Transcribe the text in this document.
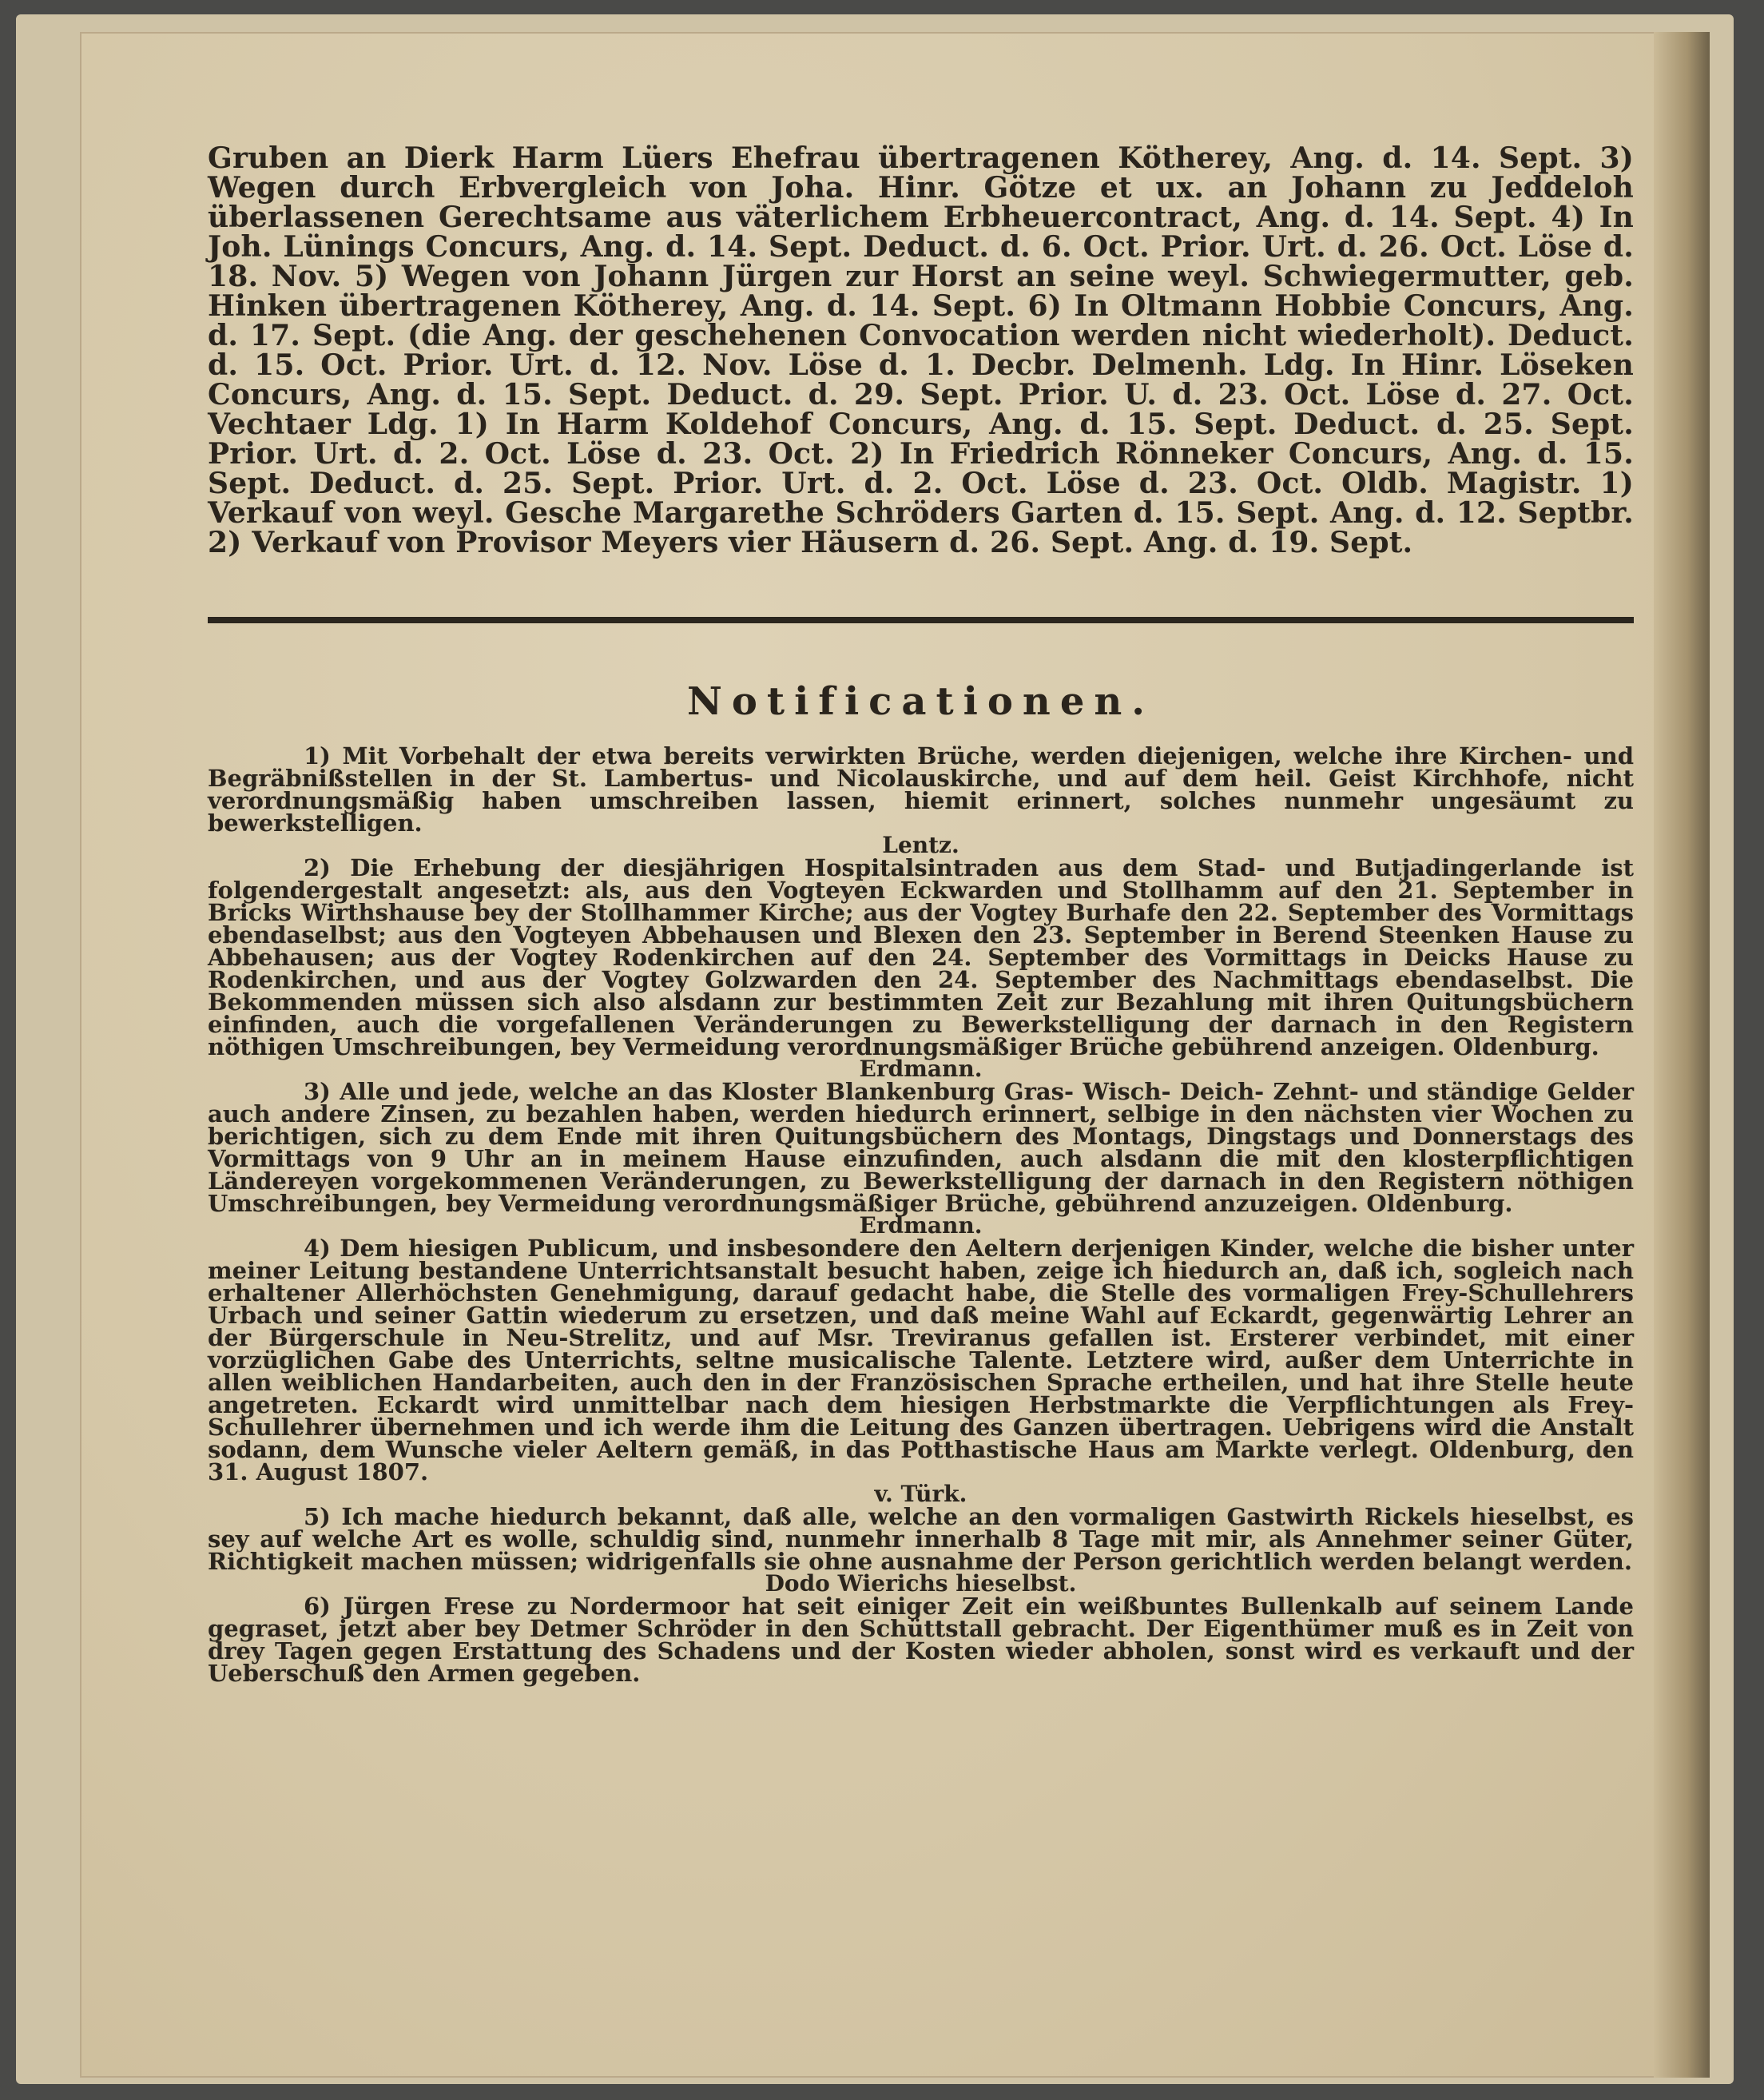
Gruben an Dierk Harm Lüers Ehefrau übertragenen Kötherey, Ang. d. 14. Sept. 3) Wegen durch Erbvergleich von Joha. Hinr. Götze et ux. an Johann zu Jeddeloh überlassenen Gerechtsame aus väterlichem Erbheuercontract, Ang. d. 14. Sept. 4) In Joh. Lünings Concurs, Ang. d. 14. Sept. Deduct. d. 6. Oct. Prior. Urt. d. 26. Oct. Löse d. 18. Nov. 5) Wegen von Johann Jürgen zur Horst an seine weyl. Schwiegermutter, geb. Hinken übertragenen Kötherey, Ang. d. 14. Sept. 6) In Oltmann Hobbie Concurs, Ang. d. 17. Sept. (die Ang. der geschehenen Convocation werden nicht wiederholt). Deduct. d. 15. Oct. Prior. Urt. d. 12. Nov. Löse d. 1. Decbr. Delmenh. Ldg. In Hinr. Löseken Concurs, Ang. d. 15. Sept. Deduct. d. 29. Sept. Prior. U. d. 23. Oct. Löse d. 27. Oct. Vechtaer Ldg. 1) In Harm Koldehof Concurs, Ang. d. 15. Sept. Deduct. d. 25. Sept. Prior. Urt. d. 2. Oct. Löse d. 23. Oct. 2) In Friedrich Rönneker Concurs, Ang. d. 15. Sept. Deduct. d. 25. Sept. Prior. Urt. d. 2. Oct. Löse d. 23. Oct. Oldb. Magistr. 1) Verkauf von weyl. Gesche Margarethe Schröders Garten d. 15. Sept. Ang. d. 12. Septbr. 2) Verkauf von Provisor Meyers vier Häusern d. 26. Sept. Ang. d. 19. Sept.

Notificationen.

1) Mit Vorbehalt der etwa bereits verwirkten Brüche, werden diejenigen, welche ihre Kirchen- und Begräbnißstellen in der St. Lambertus- und Nicolauskirche, und auf dem heil. Geist Kirchhofe, nicht verordnungsmäßig haben umschreiben lassen, hiemit erinnert, solches nunmehr ungesäumt zu bewerkstelligen.

Lentz.

2) Die Erhebung der diesjährigen Hospitalsintraden aus dem Stad- und Butjadingerlande ist folgendergestalt angesetzt: als, aus den Vogteyen Eckwarden und Stollhamm auf den 21. September in Bricks Wirthshause bey der Stollhammer Kirche; aus der Vogtey Burhafe den 22. September des Vormittags ebendaselbst; aus den Vogteyen Abbehausen und Blexen den 23. September in Berend Steenken Hause zu Abbehausen; aus der Vogtey Rodenkirchen auf den 24. September des Vormittags in Deicks Hause zu Rodenkirchen, und aus der Vogtey Golzwarden den 24. September des Nachmittags ebendaselbst. Die Bekommenden müssen sich also alsdann zur bestimmten Zeit zur Bezahlung mit ihren Quitungsbüchern einfinden, auch die vorgefallenen Veränderungen zu Bewerkstelligung der darnach in den Registern nöthigen Umschreibungen, bey Vermeidung verordnungsmäßiger Brüche gebührend anzeigen. Oldenburg.

Erdmann.

3) Alle und jede, welche an das Kloster Blankenburg Gras- Wisch- Deich- Zehnt- und ständige Gelder auch andere Zinsen, zu bezahlen haben, werden hiedurch erinnert, selbige in den nächsten vier Wochen zu berichtigen, sich zu dem Ende mit ihren Quitungsbüchern des Montags, Dingstags und Donnerstags des Vormittags von 9 Uhr an in meinem Hause einzufinden, auch alsdann die mit den klosterpflichtigen Ländereyen vorgekommenen Veränderungen, zu Bewerkstelligung der darnach in den Registern nöthigen Umschreibungen, bey Vermeidung verordnungsmäßiger Brüche, gebührend anzuzeigen. Oldenburg.

Erdmann.

4) Dem hiesigen Publicum, und insbesondere den Aeltern derjenigen Kinder, welche die bisher unter meiner Leitung bestandene Unterrichtsanstalt besucht haben, zeige ich hiedurch an, daß ich, sogleich nach erhaltener Allerhöchsten Genehmigung, darauf gedacht habe, die Stelle des vormaligen Frey-Schullehrers Urbach und seiner Gattin wiederum zu ersetzen, und daß meine Wahl auf Eckardt, gegenwärtig Lehrer an der Bürgerschule in Neu-Strelitz, und auf Msr. Treviranus gefallen ist. Ersterer verbindet, mit einer vorzüglichen Gabe des Unterrichts, seltne musicalische Talente. Letztere wird, außer dem Unterrichte in allen weiblichen Handarbeiten, auch den in der Französischen Sprache ertheilen, und hat ihre Stelle heute angetreten. Eckardt wird unmittelbar nach dem hiesigen Herbstmarkte die Verpflichtungen als Frey-Schullehrer übernehmen und ich werde ihm die Leitung des Ganzen übertragen. Uebrigens wird die Anstalt sodann, dem Wunsche vieler Aeltern gemäß, in das Potthastische Haus am Markte verlegt. Oldenburg, den 31. August 1807.

v. Türk.

5) Ich mache hiedurch bekannt, daß alle, welche an den vormaligen Gastwirth Rickels hieselbst, es sey auf welche Art es wolle, schuldig sind, nunmehr innerhalb 8 Tage mit mir, als Annehmer seiner Güter, Richtigkeit machen müssen; widrigenfalls sie ohne ausnahme der Person gerichtlich werden belangt werden.

Dodo Wierichs hieselbst.

6) Jürgen Frese zu Nordermoor hat seit einiger Zeit ein weißbuntes Bullenkalb auf seinem Lande gegraset, jetzt aber bey Detmer Schröder in den Schüttstall gebracht. Der Eigenthümer muß es in Zeit von drey Tagen gegen Erstattung des Schadens und der Kosten wieder abholen, sonst wird es verkauft und der Ueberschuß den Armen gegeben.
